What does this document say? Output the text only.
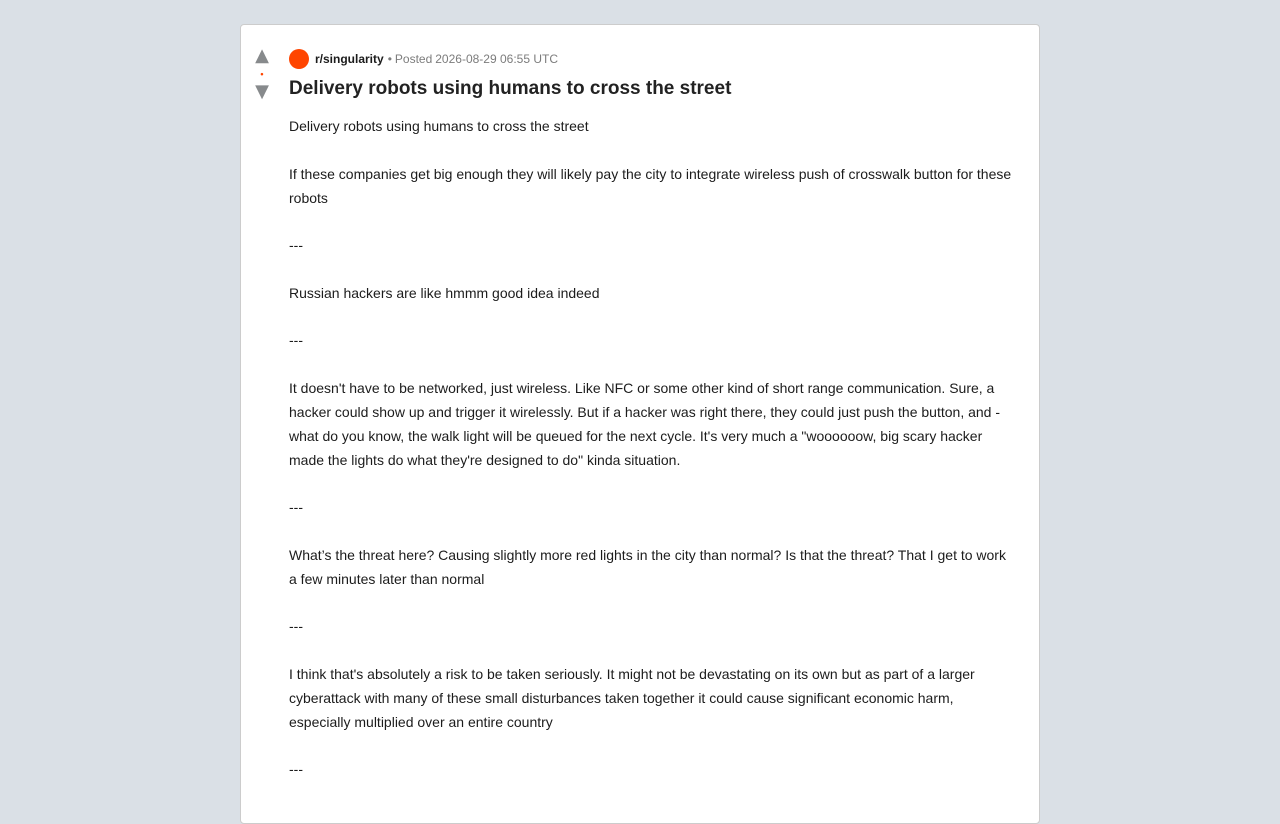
▲
•
▼
r/singularity • Posted 2026-08-29 06:55 UTC
Delivery robots using humans to cross the street

Delivery robots using humans to cross the street

If these companies get big enough they will likely pay the city to integrate wireless push of crosswalk button for these robots

---

Russian hackers are like hmmm good idea indeed

---

It doesn't have to be networked, just wireless. Like NFC or some other kind of short range communication. Sure, a hacker could show up and trigger it wirelessly. But if a hacker was right there, they could just push the button, and - what do you know, the walk light will be queued for the next cycle. It's very much a "woooooow, big scary hacker made the lights do what they're designed to do" kinda situation.

---

What’s the threat here? Causing slightly more red lights in the city than normal? Is that the threat? That I get to work a few minutes later than normal

---

I think that's absolutely a risk to be taken seriously. It might not be devastating on its own but as part of a larger cyberattack with many of these small disturbances taken together it could cause significant economic harm, especially multiplied over an entire country

---
